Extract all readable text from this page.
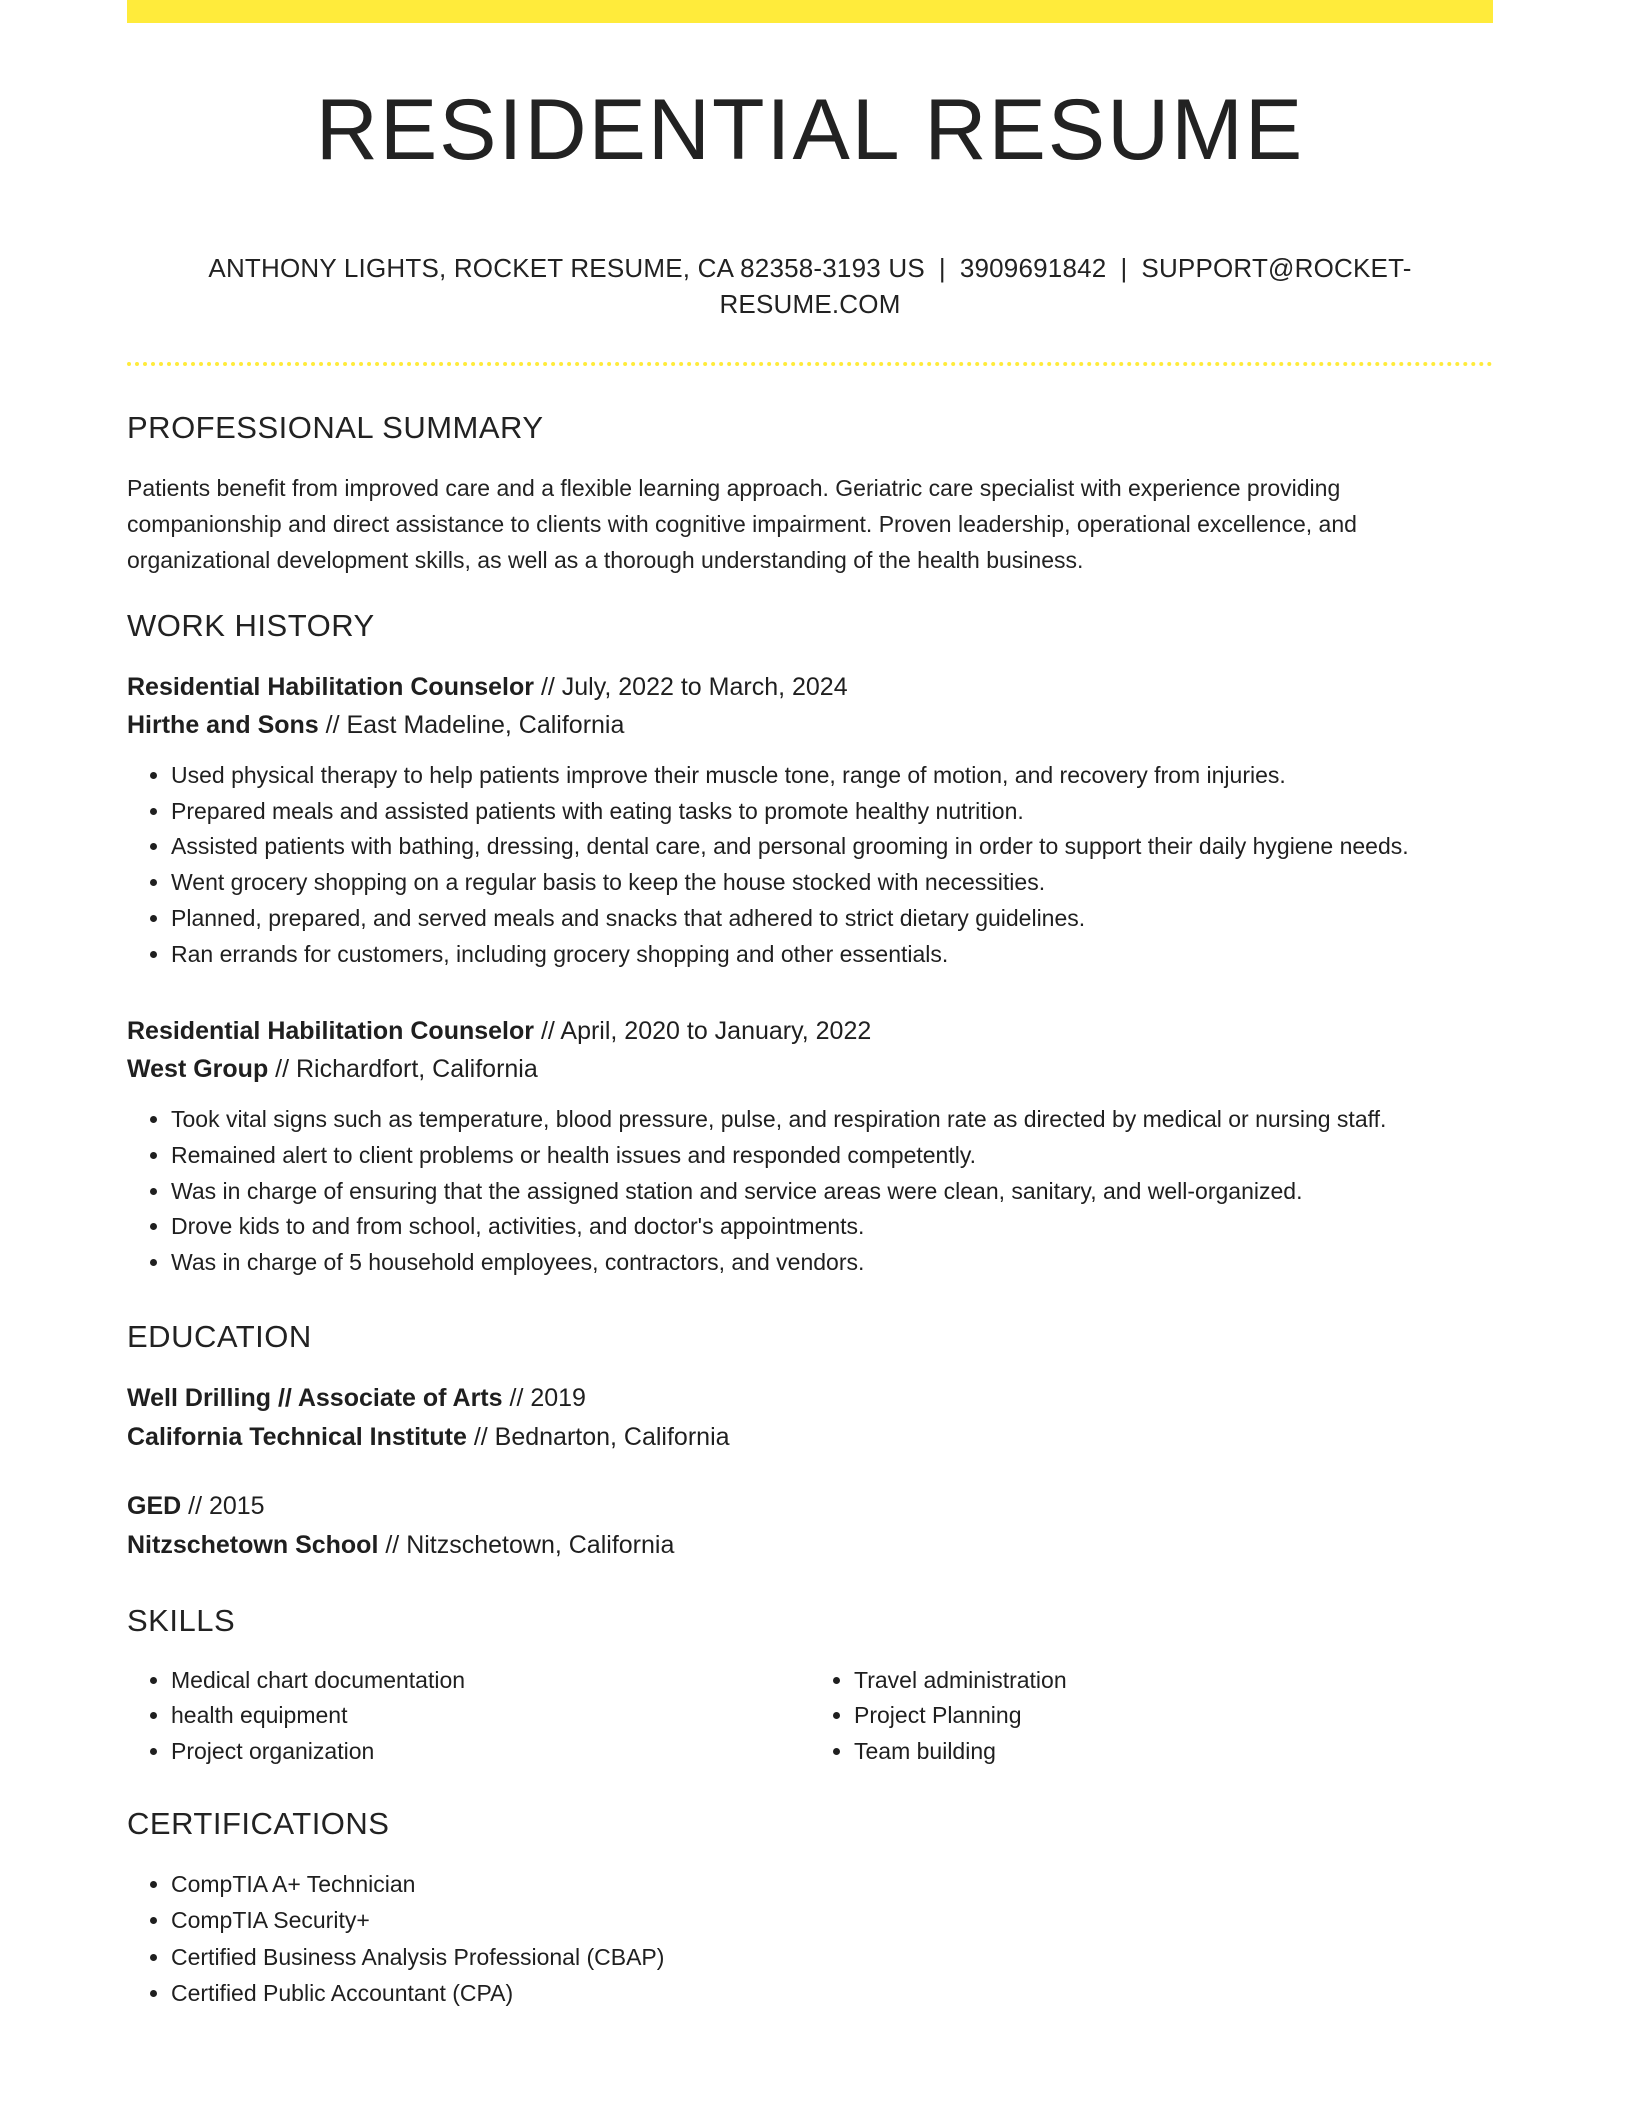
RESIDENTIAL RESUME
ANTHONY LIGHTS, ROCKET RESUME, CA 82358-3193 US | 3909691842 | SUPPORT@ROCKET-RESUME.COM
PROFESSIONAL SUMMARY
Patients benefit from improved care and a flexible learning approach. Geriatric care specialist with experience providing companionship and direct assistance to clients with cognitive impairment. Proven leadership, operational excellence, and organizational development skills, as well as a thorough understanding of the health business.
WORK HISTORY
Residential Habilitation Counselor // July, 2022 to March, 2024
Hirthe and Sons // East Madeline, California
• Used physical therapy to help patients improve their muscle tone, range of motion, and recovery from injuries.
• Prepared meals and assisted patients with eating tasks to promote healthy nutrition.
• Assisted patients with bathing, dressing, dental care, and personal grooming in order to support their daily hygiene needs.
• Went grocery shopping on a regular basis to keep the house stocked with necessities.
• Planned, prepared, and served meals and snacks that adhered to strict dietary guidelines.
• Ran errands for customers, including grocery shopping and other essentials.
Residential Habilitation Counselor // April, 2020 to January, 2022
West Group // Richardfort, California
• Took vital signs such as temperature, blood pressure, pulse, and respiration rate as directed by medical or nursing staff.
• Remained alert to client problems or health issues and responded competently.
• Was in charge of ensuring that the assigned station and service areas were clean, sanitary, and well-organized.
• Drove kids to and from school, activities, and doctor's appointments.
• Was in charge of 5 household employees, contractors, and vendors.
EDUCATION
Well Drilling // Associate of Arts // 2019
California Technical Institute // Bednarton, California
GED // 2015
Nitzschetown School // Nitzschetown, California
SKILLS
• Medical chart documentation
• health equipment
• Project organization
• Travel administration
• Project Planning
• Team building
CERTIFICATIONS
• CompTIA A+ Technician
• CompTIA Security+
• Certified Business Analysis Professional (CBAP)
• Certified Public Accountant (CPA)
